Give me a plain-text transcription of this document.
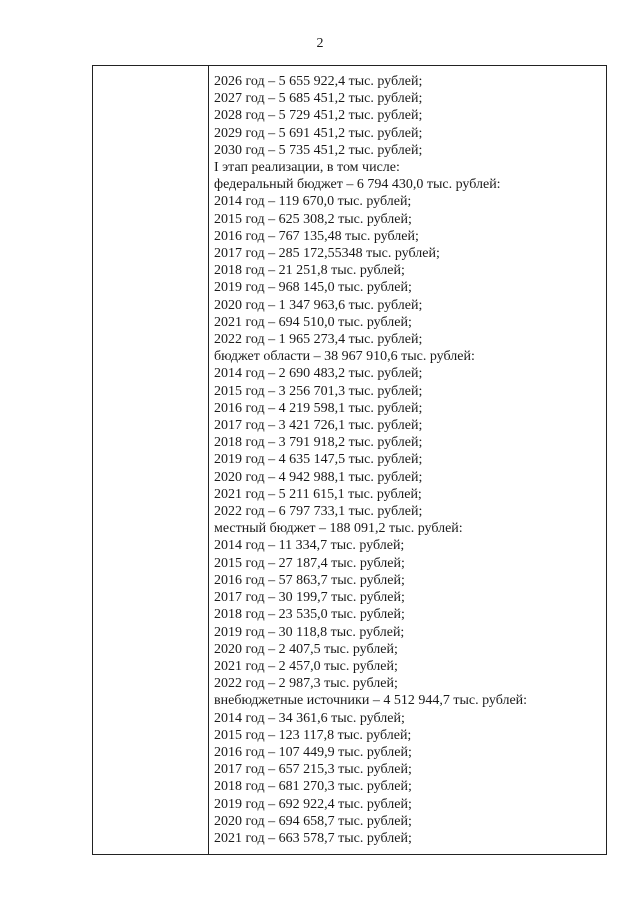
2
2026 год – 5 655 922,4 тыс. рублей;
2027 год – 5 685 451,2 тыс. рублей;
2028 год – 5 729 451,2 тыс. рублей;
2029 год – 5 691 451,2 тыс. рублей;
2030 год – 5 735 451,2 тыс. рублей;
I этап реализации, в том числе:
федеральный бюджет – 6 794 430,0 тыс. рублей:
2014 год – 119 670,0 тыс. рублей;
2015 год – 625 308,2 тыс. рублей;
2016 год – 767 135,48 тыс. рублей;
2017 год – 285 172,55348 тыс. рублей;
2018 год – 21 251,8 тыс. рублей;
2019 год – 968 145,0 тыс. рублей;
2020 год – 1 347 963,6 тыс. рублей;
2021 год – 694 510,0 тыс. рублей;
2022 год – 1 965 273,4 тыс. рублей;
бюджет области – 38 967 910,6 тыс. рублей:
2014 год – 2 690 483,2 тыс. рублей;
2015 год – 3 256 701,3 тыс. рублей;
2016 год – 4 219 598,1 тыс. рублей;
2017 год – 3 421 726,1 тыс. рублей;
2018 год – 3 791 918,2 тыс. рублей;
2019 год – 4 635 147,5 тыс. рублей;
2020 год – 4 942 988,1 тыс. рублей;
2021 год – 5 211 615,1 тыс. рублей;
2022 год – 6 797 733,1 тыс. рублей;
местный бюджет – 188 091,2 тыс. рублей:
2014 год – 11 334,7 тыс. рублей;
2015 год – 27 187,4 тыс. рублей;
2016 год – 57 863,7 тыс. рублей;
2017 год – 30 199,7 тыс. рублей;
2018 год – 23 535,0 тыс. рублей;
2019 год – 30 118,8 тыс. рублей;
2020 год – 2 407,5 тыс. рублей;
2021 год – 2 457,0 тыс. рублей;
2022 год – 2 987,3 тыс. рублей;
внебюджетные источники – 4 512 944,7 тыс. рублей:
2014 год – 34 361,6 тыс. рублей;
2015 год – 123 117,8 тыс. рублей;
2016 год – 107 449,9 тыс. рублей;
2017 год – 657 215,3 тыс. рублей;
2018 год – 681 270,3 тыс. рублей;
2019 год – 692 922,4 тыс. рублей;
2020 год – 694 658,7 тыс. рублей;
2021 год – 663 578,7 тыс. рублей;
